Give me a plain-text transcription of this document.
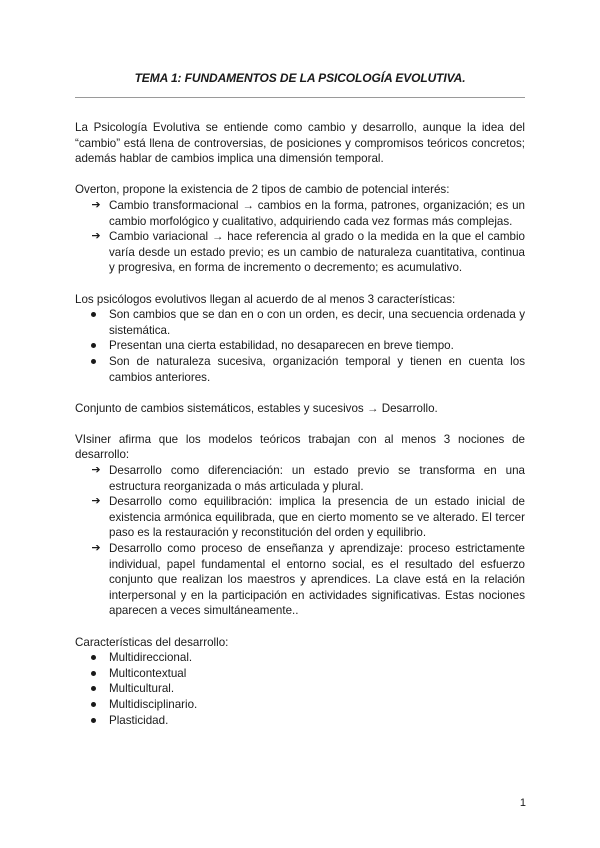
TEMA 1: FUNDAMENTOS DE LA PSICOLOGÍA EVOLUTIVA.

La Psicología Evolutiva se entiende como cambio y desarrollo, aunque la idea del “cambio” está llena de controversias, de posiciones y compromisos teóricos concretos; además hablar de cambios implica una dimensión temporal.

Overton, propone la existencia de 2 tipos de cambio de potencial interés:

➔ Cambio transformacional → cambios en la forma, patrones, organización; es un cambio morfológico y cualitativo, adquiriendo cada vez formas más complejas.
➔ Cambio variacional → hace referencia al grado o la medida en la que el cambio varía desde un estado previo; es un cambio de naturaleza cuantitativa, continua y progresiva, en forma de incremento o decremento; es acumulativo.

Los psicólogos evolutivos llegan al acuerdo de al menos 3 características:

Son cambios que se dan en o con un orden, es decir, una secuencia ordenada y sistemática.
Presentan una cierta estabilidad, no desaparecen en breve tiempo.
Son de naturaleza sucesiva, organización temporal y tienen en cuenta los cambios anteriores.

Conjunto de cambios sistemáticos, estables y sucesivos → Desarrollo.

VIsiner afirma que los modelos teóricos trabajan con al menos 3 nociones de desarrollo:

➔ Desarrollo como diferenciación: un estado previo se transforma en una estructura reorganizada o más articulada y plural.
➔ Desarrollo como equilibración: implica la presencia de un estado inicial de existencia armónica equilibrada, que en cierto momento se ve alterado. El tercer paso es la restauración y reconstitución del orden y equilibrio.
➔ Desarrollo como proceso de enseñanza y aprendizaje: proceso estrictamente individual, papel fundamental el entorno social, es el resultado del esfuerzo conjunto que realizan los maestros y aprendices. La clave está en la relación interpersonal y en la participación en actividades significativas. Estas nociones aparecen a veces simultáneamente..

Características del desarrollo:

Multidireccional.
Multicontextual
Multicultural.
Multidisciplinario.
Plasticidad.
1
